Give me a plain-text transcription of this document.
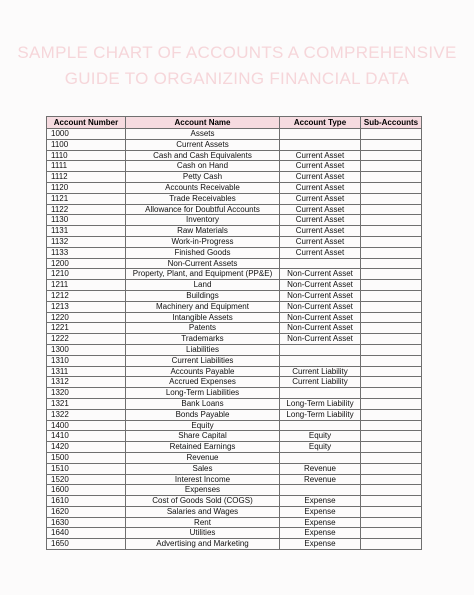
SAMPLE CHART OF ACCOUNTS A COMPREHENSIVE
GUIDE TO ORGANIZING FINANCIAL DATA
Account Number	Account Name	Account Type	Sub-Accounts
1000	Assets		
1100	Current Assets		
1110	Cash and Cash Equivalents	Current Asset	
1111	Cash on Hand	Current Asset	
1112	Petty Cash	Current Asset	
1120	Accounts Receivable	Current Asset	
1121	Trade Receivables	Current Asset	
1122	Allowance for Doubtful Accounts	Current Asset	
1130	Inventory	Current Asset	
1131	Raw Materials	Current Asset	
1132	Work-in-Progress	Current Asset	
1133	Finished Goods	Current Asset	
1200	Non-Current Assets		
1210	Property, Plant, and Equipment (PP&E)	Non-Current Asset	
1211	Land	Non-Current Asset	
1212	Buildings	Non-Current Asset	
1213	Machinery and Equipment	Non-Current Asset	
1220	Intangible Assets	Non-Current Asset	
1221	Patents	Non-Current Asset	
1222	Trademarks	Non-Current Asset	
1300	Liabilities		
1310	Current Liabilities		
1311	Accounts Payable	Current Liability	
1312	Accrued Expenses	Current Liability	
1320	Long-Term Liabilities		
1321	Bank Loans	Long-Term Liability	
1322	Bonds Payable	Long-Term Liability	
1400	Equity		
1410	Share Capital	Equity	
1420	Retained Earnings	Equity	
1500	Revenue		
1510	Sales	Revenue	
1520	Interest Income	Revenue	
1600	Expenses		
1610	Cost of Goods Sold (COGS)	Expense	
1620	Salaries and Wages	Expense	
1630	Rent	Expense	
1640	Utilities	Expense	
1650	Advertising and Marketing	Expense	
